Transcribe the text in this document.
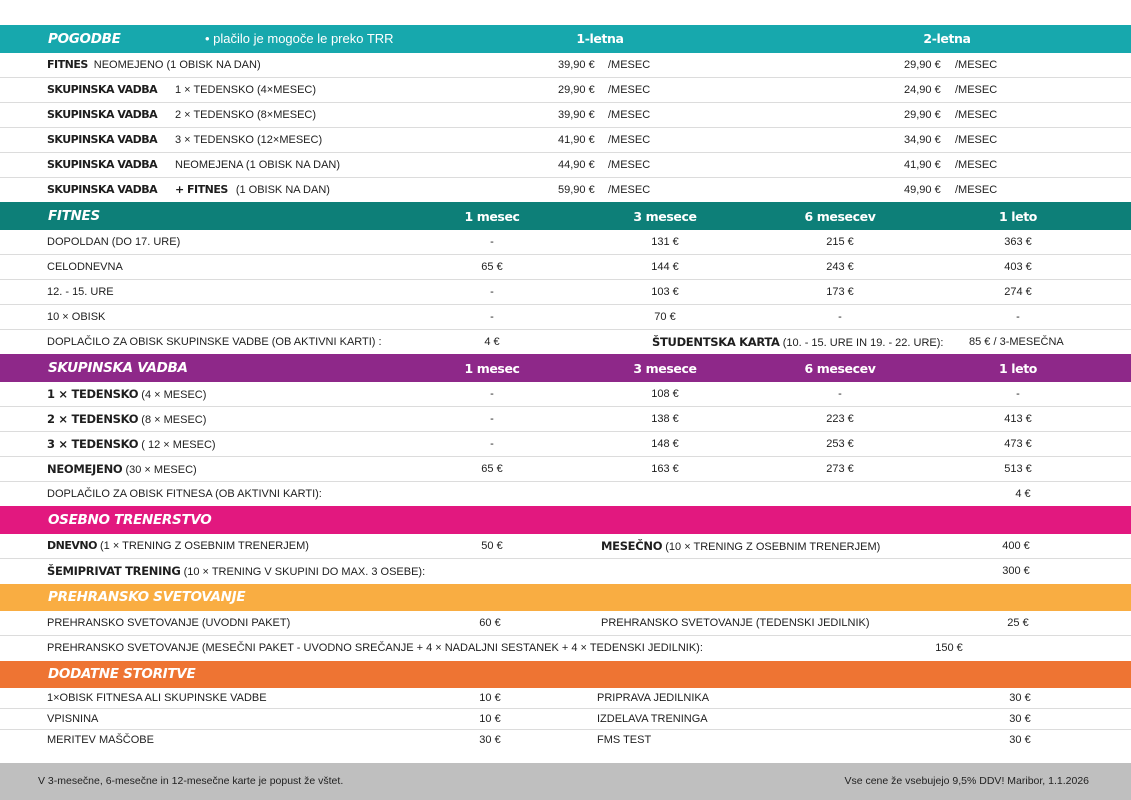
POGODBE	• plačilo je mogoče le preko TRR	1-letna	2-letna
FITNES NEOMEJENO (1 OBISK NA DAN)	39,90 € /MESEC	29,90 € /MESEC
SKUPINSKA VADBA 1 × TEDENSKO (4×MESEC)	29,90 € /MESEC	24,90 € /MESEC
SKUPINSKA VADBA 2 × TEDENSKO (8×MESEC)	39,90 € /MESEC	29,90 € /MESEC
SKUPINSKA VADBA 3 × TEDENSKO (12×MESEC)	41,90 € /MESEC	34,90 € /MESEC
SKUPINSKA VADBA NEOMEJENA (1 OBISK NA DAN)	44,90 € /MESEC	41,90 € /MESEC
SKUPINSKA VADBA + FITNES (1 OBISK NA DAN)	59,90 € /MESEC	49,90 € /MESEC
FITNES	1 mesec	3 mesece	6 mesecev	1 leto
DOPOLDAN (DO 17. URE)	-	131 €	215 €	363 €
CELODNEVNA	65 €	144 €	243 €	403 €
12. - 15. URE	-	103 €	173 €	274 €
10 × OBISK	-	70 €	-	-
DOPLAČILO ZA OBISK SKUPINSKE VADBE (OB AKTIVNI KARTI) :	4 €	ŠTUDENTSKA KARTA (10. - 15. URE IN 19. - 22. URE): 85 € / 3-MESEČNA
SKUPINSKA VADBA	1 mesec	3 mesece	6 mesecev	1 leto
1 × TEDENSKO (4 × MESEC)	-	108 €	-	-
2 × TEDENSKO (8 × MESEC)	-	138 €	223 €	413 €
3 × TEDENSKO ( 12 × MESEC)	-	148 €	253 €	473 €
NEOMEJENO (30 × MESEC)	65 €	163 €	273 €	513 €
DOPLAČILO ZA OBISK FITNESA (OB AKTIVNI KARTI):	4 €
OSEBNO TRENERSTVO
DNEVNO (1 × TRENING Z OSEBNIM TRENERJEM)	50 €	MESEČNO (10 × TRENING Z OSEBNIM TRENERJEM)	400 €
ŠEMIPRIVAT TRENING (10 × TRENING V SKUPINI DO MAX. 3 OSEBE):	300 €
PREHRANSKO SVETOVANJE
PREHRANSKO SVETOVANJE (UVODNI PAKET)	60 €	PREHRANSKO SVETOVANJE (TEDENSKI JEDILNIK)	25 €
PREHRANSKO SVETOVANJE (MESEČNI PAKET - UVODNO SREČANJE + 4 × NADALJNI SESTANEK + 4 × TEDENSKI JEDILNIK):	150 €
DODATNE STORITVE
1×OBISK FITNESA ALI SKUPINSKE VADBE	10 €	PRIPRAVA JEDILNIKA	30 €
VPISNINA	10 €	IZDELAVA TRENINGA	30 €
MERITEV MAŠČOBE	30 €	FMS TEST	30 €
V 3-mesečne, 6-mesečne in 12-mesečne karte je popust že vštet.	Vse cene že vsebujejo 9,5% DDV! Maribor, 1.1.2026
